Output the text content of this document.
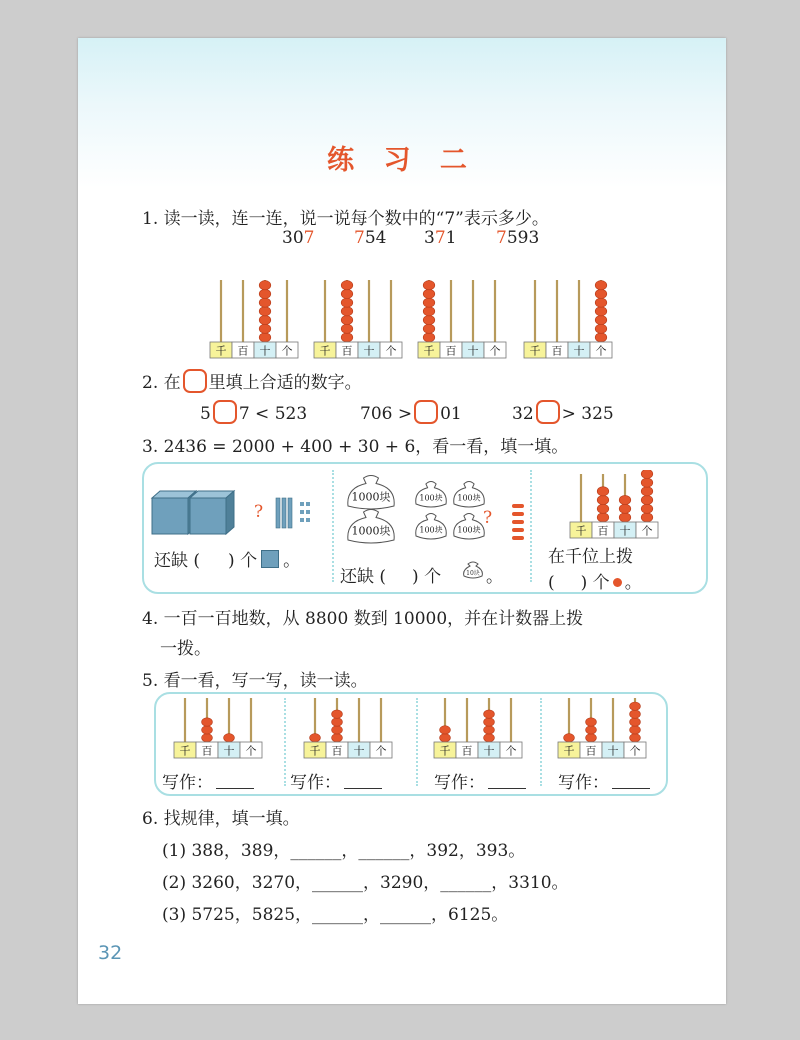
练 习 二
1. 读一读，连一连，说一说每个数中的“7”表示多少。
307 754 371 7593
千 百 十 个 千 百 十 个 千 百 十 个	千 百 十 个
2. 在 里填上合适的数字。
5 7 < 523	706 > 01	32 > 325
3. 2436 = 2000 + 400 + 30 + 6，看一看，填一填。
?
还缺 ( ) 个 。
1000块
1000块
100块 100块
100块 100块
?
还缺 ( ) 个	10块 。
千 百 十 个
在千位上拨
( ) 个 。
4. 一百一百地数，从 8800 数到 10000，并在计数器上拨
一拨。
5. 看一看，写一写，读一读。
千 百 十 个	千 百 十 个	千 百 十 个	千 百 十 个
写作：	写作：	写作：	写作：
6. 找规律，填一填。
(1) 388，389，______，______，392，393。
(2) 3260，3270，______，3290，______，3310。
(3) 5725，5825，______，______，6125。
32
